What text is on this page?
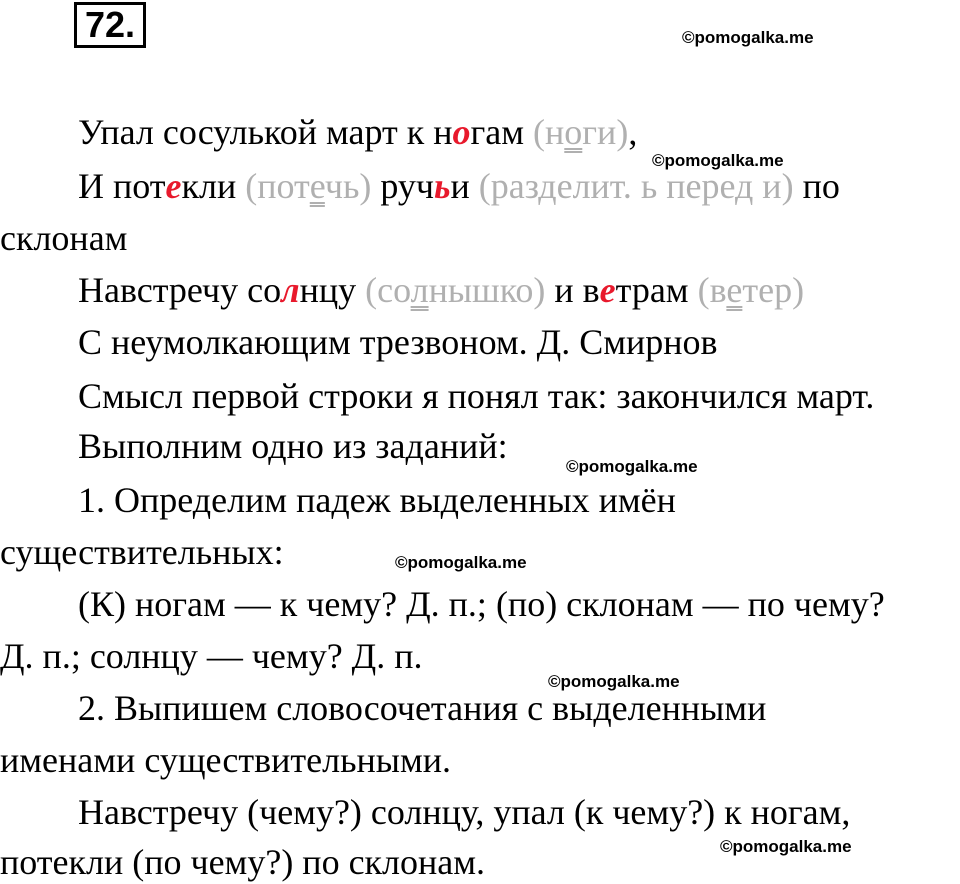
72.	©pomogalka.me
Упал сосулькой март к ногам (ноги),
©pomogalka.me
И потекли (потечь) ручьи (разделит. ь перед и) по
склонам
Навстречу солнцу (солнышко) и ветрам (ветер)
С неумолкающим трезвоном. Д. Смирнов
Смысл первой строки я понял так: закончился март.
Выполним одно из заданий:
©pomogalka.me
1. Определим падеж выделенных имён
существительных:	©pomogalka.me
(К) ногам — к чему? Д. п.; (по) склонам — по чему?
Д. п.; солнцу — чему? Д. п.
©pomogalka.me
2. Выпишем словосочетания с выделенными
именами существительными.
Навстречу (чему?) солнцу, упал (к чему?) к ногам,
потекли (по чему?) по склонам.	©pomogalka.me
